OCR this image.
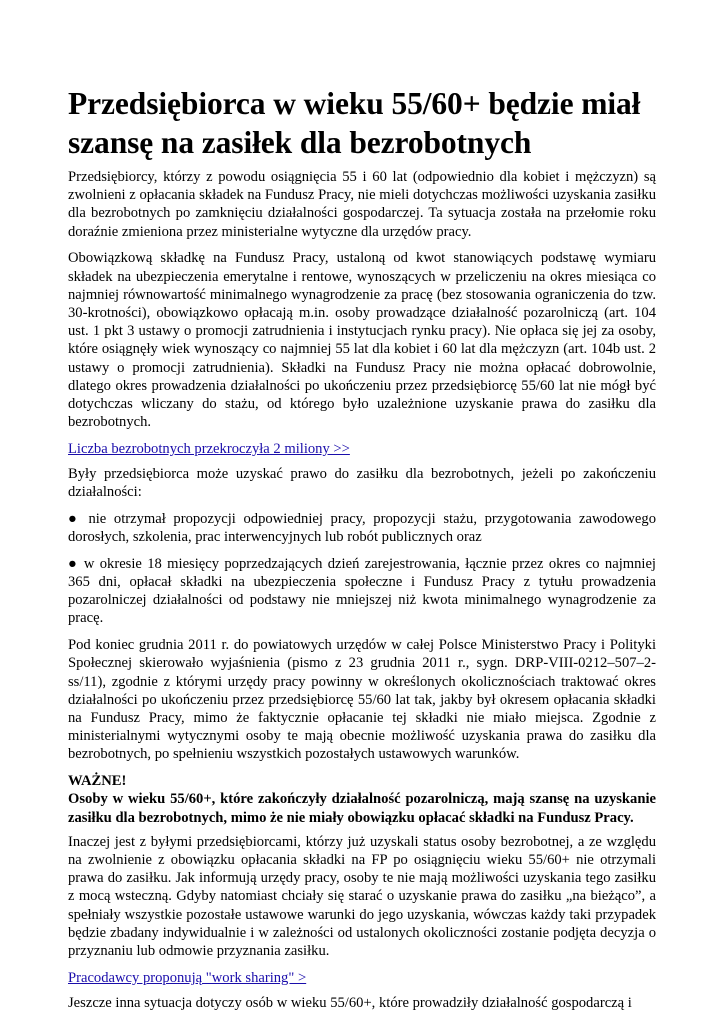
Przedsiębiorca w wieku 55/60+ będzie miał szansę na zasiłek dla bezrobotnych

Przedsiębiorcy, którzy z powodu osiągnięcia 55 i 60 lat (odpowiednio dla kobiet i mężczyzn) są zwolnieni z opłacania składek na Fundusz Pracy, nie mieli dotychczas możliwości uzyskania zasiłku dla bezrobotnych po zamknięciu działalności gospodarczej. Ta sytuacja została na przełomie roku doraźnie zmieniona przez ministerialne wytyczne dla urzędów pracy.

Obowiązkową składkę na Fundusz Pracy, ustaloną od kwot stanowiących podstawę wymiaru składek na ubezpieczenia emerytalne i rentowe, wynoszących w przeliczeniu na okres miesiąca co najmniej równowartość minimalnego wynagrodzenie za pracę (bez stosowania ograniczenia do tzw. 30-krotności), obowiązkowo opłacają m.in. osoby prowadzące działalność pozarolniczą (art. 104 ust. 1 pkt 3 ustawy o promocji zatrudnienia i instytucjach rynku pracy). Nie opłaca się jej za osoby, które osiągnęły wiek wynoszący co najmniej 55 lat dla kobiet i 60 lat dla mężczyzn (art. 104b ust. 2 ustawy o promocji zatrudnienia). Składki na Fundusz Pracy nie można opłacać dobrowolnie, dlatego okres prowadzenia działalności po ukończeniu przez przedsiębiorcę 55/60 lat nie mógł być dotychczas wliczany do stażu, od którego było uzależnione uzyskanie prawa do zasiłku dla bezrobotnych.

Liczba bezrobotnych przekroczyła 2 miliony >>

Były przedsiębiorca może uzyskać prawo do zasiłku dla bezrobotnych, jeżeli po zakończeniu działalności:

● nie otrzymał propozycji odpowiedniej pracy, propozycji stażu, przygotowania zawodowego dorosłych, szkolenia, prac interwencyjnych lub robót publicznych oraz

● w okresie 18 miesięcy poprzedzających dzień zarejestrowania, łącznie przez okres co najmniej 365 dni, opłacał składki na ubezpieczenia społeczne i Fundusz Pracy z tytułu prowadzenia pozarolniczej działalności od podstawy nie mniejszej niż kwota minimalnego wynagrodzenie za pracę.

Pod koniec grudnia 2011 r. do powiatowych urzędów w całej Polsce Ministerstwo Pracy i Polityki Społecznej skierowało wyjaśnienia (pismo z 23 grudnia 2011 r., sygn. DRP-VIII-0212–507–2-ss/11), zgodnie z którymi urzędy pracy powinny w określonych okolicznościach traktować okres działalności po ukończeniu przez przedsiębiorcę 55/60 lat tak, jakby był okresem opłacania składki na Fundusz Pracy, mimo że faktycznie opłacanie tej składki nie miało miejsca. Zgodnie z ministerialnymi wytycznymi osoby te mają obecnie możliwość uzyskania prawa do zasiłku dla bezrobotnych, po spełnieniu wszystkich pozostałych ustawowych warunków.

WAŻNE!
Osoby w wieku 55/60+, które zakończyły działalność pozarolniczą, mają szansę na uzyskanie zasiłku dla bezrobotnych, mimo że nie miały obowiązku opłacać składki na Fundusz Pracy.

Inaczej jest z byłymi przedsiębiorcami, którzy już uzyskali status osoby bezrobotnej, a ze względu na zwolnienie z obowiązku opłacania składki na FP po osiągnięciu wieku 55/60+ nie otrzymali prawa do zasiłku. Jak informują urzędy pracy, osoby te nie mają możliwości uzyskania tego zasiłku z mocą wsteczną. Gdyby natomiast chciały się starać o uzyskanie prawa do zasiłku „na bieżąco”, a spełniały wszystkie pozostałe ustawowe warunki do jego uzyskania, wówczas każdy taki przypadek będzie zbadany indywidualnie i w zależności od ustalonych okoliczności zostanie podjęta decyzja o przyznaniu lub odmowie przyznania zasiłku.

Pracodawcy proponują "work sharing" >

Jeszcze inna sytuacja dotyczy osób w wieku 55/60+, które prowadziły działalność gospodarczą i
